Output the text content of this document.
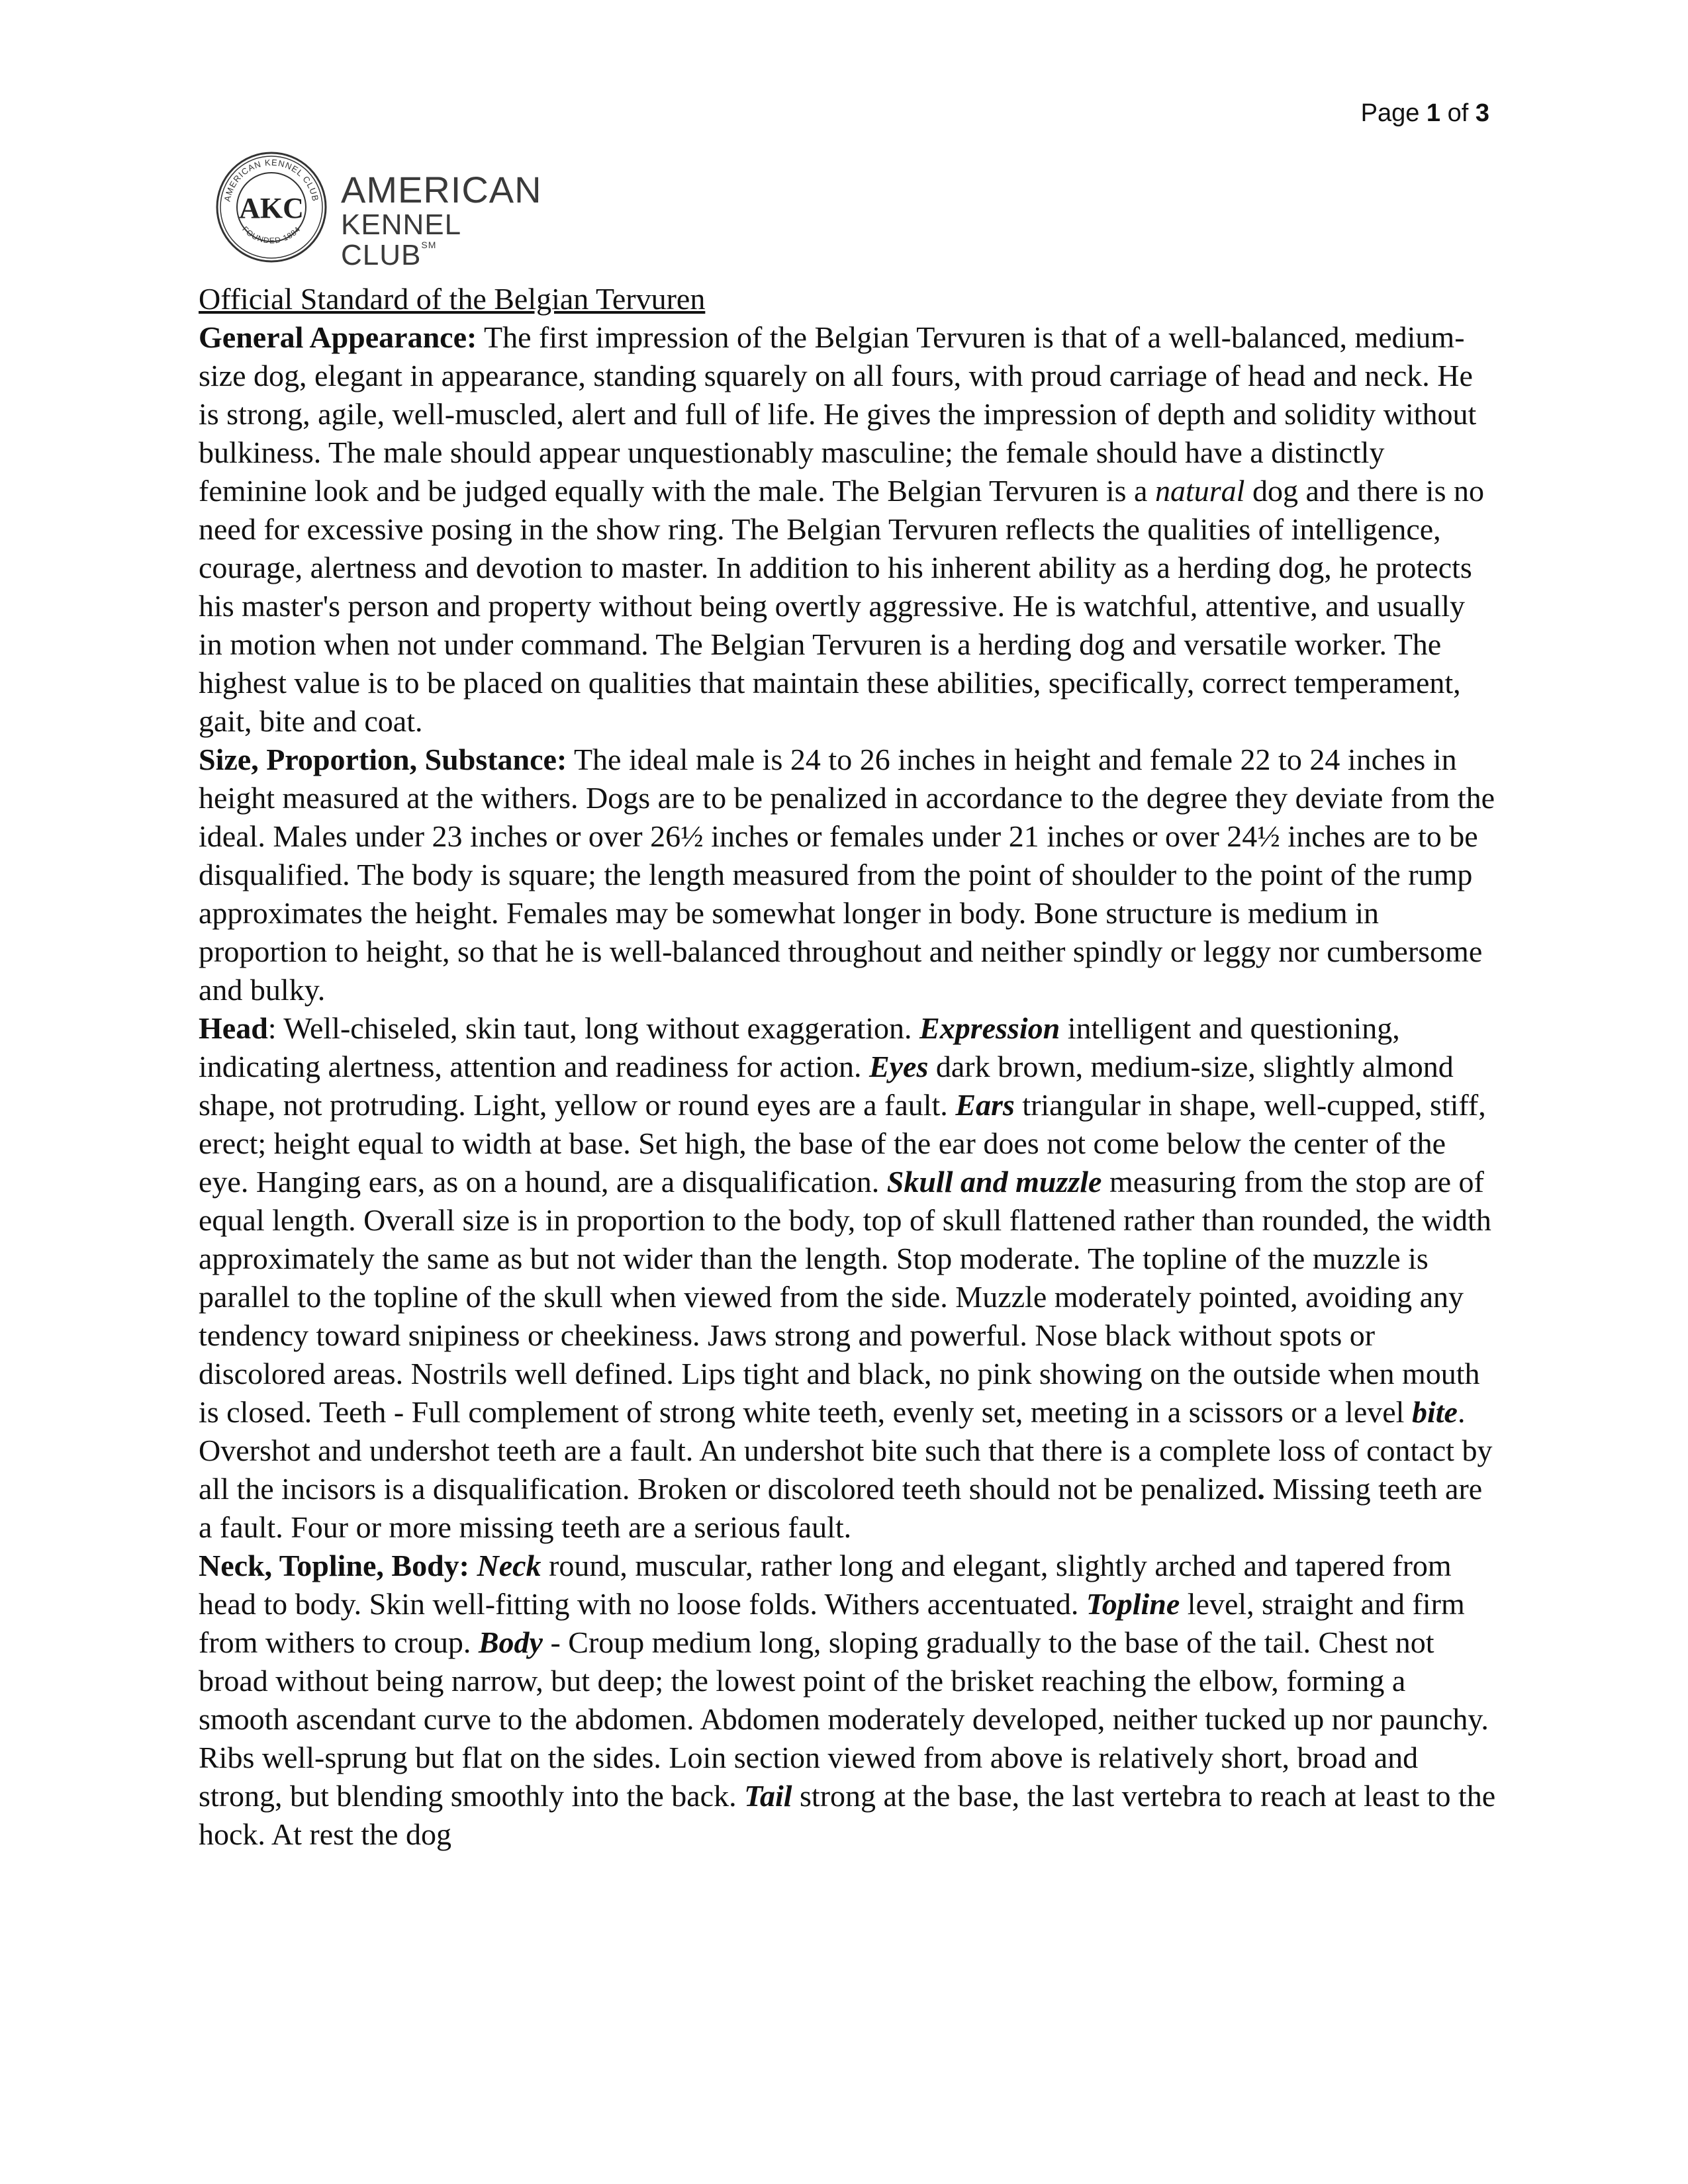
Page 1 of 3
AMERICAN KENNEL CLUB
FOUNDED 1884
AKC AMERICAN
KENNEL CLUB℠

Official Standard of the Belgian Tervuren

General Appearance: The first impression of the Belgian Tervuren is that of a well-balanced, medium-size dog, elegant in appearance, standing squarely on all fours, with proud carriage of head and neck. He is strong, agile, well-muscled, alert and full of life. He gives the impression of depth and solidity without bulkiness. The male should appear unquestionably masculine; the female should have a distinctly feminine look and be judged equally with the male. The Belgian Tervuren is a natural dog and there is no need for excessive posing in the show ring. The Belgian Tervuren reflects the qualities of intelligence, courage, alertness and devotion to master. In addition to his inherent ability as a herding dog, he protects his master's person and property without being overtly aggressive. He is watchful, attentive, and usually in motion when not under command. The Belgian Tervuren is a herding dog and versatile worker. The highest value is to be placed on qualities that maintain these abilities, specifically, correct temperament, gait, bite and coat.

Size, Proportion, Substance: The ideal male is 24 to 26 inches in height and female 22 to 24 inches in height measured at the withers. Dogs are to be penalized in accordance to the degree they deviate from the ideal. Males under 23 inches or over 26½ inches or females under 21 inches or over 24½ inches are to be disqualified. The body is square; the length measured from the point of shoulder to the point of the rump approximates the height. Females may be somewhat longer in body. Bone structure is medium in proportion to height, so that he is well-balanced throughout and neither spindly or leggy nor cumbersome and bulky.

Head: Well-chiseled, skin taut, long without exaggeration. Expression intelligent and questioning, indicating alertness, attention and readiness for action. Eyes dark brown, medium-size, slightly almond shape, not protruding. Light, yellow or round eyes are a fault. Ears triangular in shape, well-cupped, stiff, erect; height equal to width at base. Set high, the base of the ear does not come below the center of the eye. Hanging ears, as on a hound, are a disqualification. Skull and muzzle measuring from the stop are of equal length. Overall size is in proportion to the body, top of skull flattened rather than rounded, the width approximately the same as but not wider than the length. Stop moderate. The topline of the muzzle is parallel to the topline of the skull when viewed from the side. Muzzle moderately pointed, avoiding any tendency toward snipiness or cheekiness. Jaws strong and powerful. Nose black without spots or discolored areas. Nostrils well defined. Lips tight and black, no pink showing on the outside when mouth is closed. Teeth - Full complement of strong white teeth, evenly set, meeting in a scissors or a level bite. Overshot and undershot teeth are a fault. An undershot bite such that there is a complete loss of contact by all the incisors is a disqualification. Broken or discolored teeth should not be penalized. Missing teeth are a fault. Four or more missing teeth are a serious fault.

Neck, Topline, Body: Neck round, muscular, rather long and elegant, slightly arched and tapered from head to body. Skin well-fitting with no loose folds. Withers accentuated. Topline level, straight and firm from withers to croup. Body - Croup medium long, sloping gradually to the base of the tail. Chest not broad without being narrow, but deep; the lowest point of the brisket reaching the elbow, forming a smooth ascendant curve to the abdomen. Abdomen moderately developed, neither tucked up nor paunchy. Ribs well-sprung but flat on the sides. Loin section viewed from above is relatively short, broad and strong, but blending smoothly into the back. Tail strong at the base, the last vertebra to reach at least to the hock. At rest the dog
